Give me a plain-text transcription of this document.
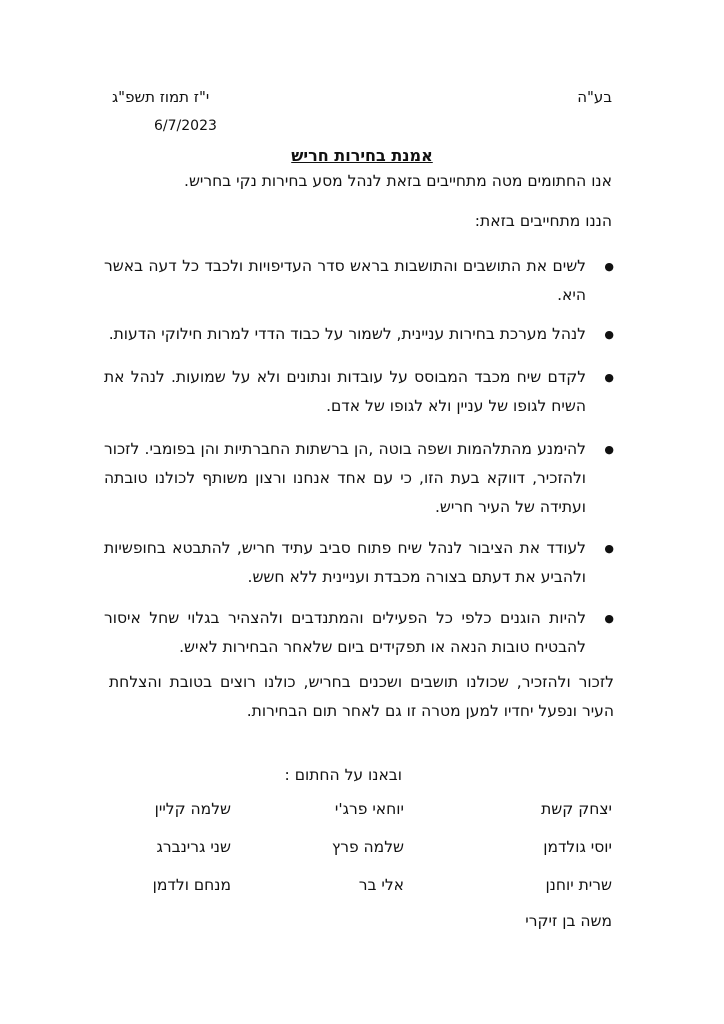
בע"ה
י"ז תמוז תשפ"ג
6/7/2023
אמנת בחירות חריש
אנו החתומים מטה מתחייבים בזאת לנהל מסע בחירות נקי בחריש.
הננו מתחייבים בזאת:
● לשים את התושבים והתושבות בראש סדר העדיפויות ולכבד כל דעה באשר היא.
● לנהל מערכת בחירות עניינית, לשמור על כבוד הדדי למרות חילוקי הדעות.
● לקדם שיח מכבד המבוסס על עובדות ונתונים ולא על שמועות. לנהל את השיח לגופו של עניין ולא לגופו של אדם.
● להימנע מהתלהמות ושפה בוטה ,הן ברשתות החברתיות והן בפומבי. לזכור ולהזכיר, דווקא בעת הזו, כי עם אחד אנחנו ורצון משותף לכולנו טובתה ועתידה של העיר חריש.
● לעודד את הציבור לנהל שיח פתוח סביב עתיד חריש, להתבטא בחופשיות ולהביע את דעתם בצורה מכבדת ועניינית ללא חשש.
● להיות הוגנים כלפי כל הפעילים והמתנדבים ולהצהיר בגלוי שחל איסור להבטיח טובות הנאה או תפקידים ביום שלאחר הבחירות לאיש.
לזכור ולהזכיר, שכולנו תושבים ושכנים בחריש, כולנו רוצים בטובת והצלחת העיר ונפעל יחדיו למען מטרה זו גם לאחר תום הבחירות.
ובאנו על החתום :
יצחק קשת
יוחאי פרג'י
שלמה קליין
יוסי גולדמן
שלמה פרץ
שני גרינברג
שרית יוחנן
אלי בר
מנחם ולדמן
משה בן זיקרי
